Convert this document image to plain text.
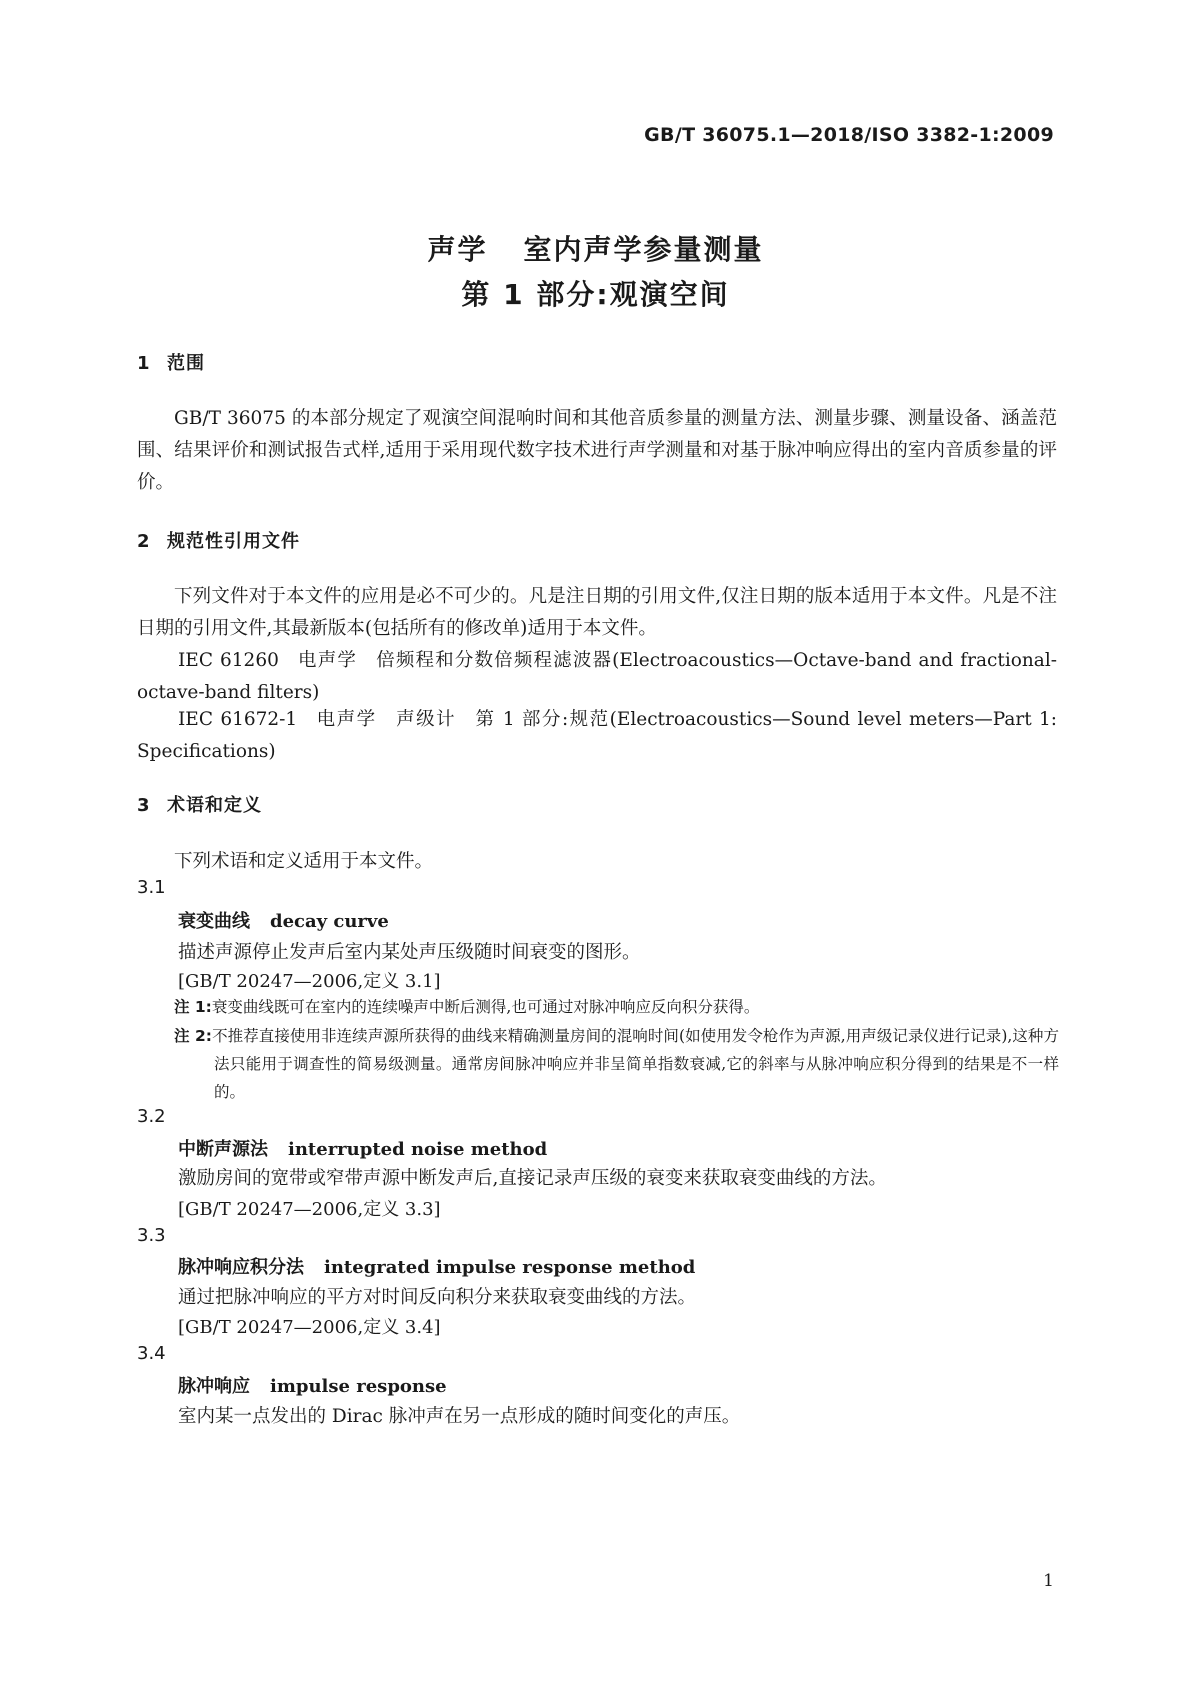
GB/T 36075.1—2018/ISO 3382-1:2009
声学 室内声学参量测量
第 1 部分:观演空间
1 范围
GB/T 36075 的本部分规定了观演空间混响时间和其他音质参量的测量方法、测量步骤、测量设备、涵盖范围、结果评价和测试报告式样,适用于采用现代数字技术进行声学测量和对基于脉冲响应得出的室内音质参量的评价。
2 规范性引用文件
下列文件对于本文件的应用是必不可少的。凡是注日期的引用文件,仅注日期的版本适用于本文件。凡是不注日期的引用文件,其最新版本(包括所有的修改单)适用于本文件。
IEC 61260 电声学 倍频程和分数倍频程滤波器(Electroacoustics—Octave-band and fractional-octave-band filters)
IEC 61672-1 电声学 声级计 第 1 部分:规范(Electroacoustics—Sound level meters—Part 1: Specifications)
3 术语和定义
下列术语和定义适用于本文件。
3.1
衰变曲线 decay curve
描述声源停止发声后室内某处声压级随时间衰变的图形。
[GB/T 20247—2006,定义 3.1]
注 1:衰变曲线既可在室内的连续噪声中断后测得,也可通过对脉冲响应反向积分获得。
注 2:不推荐直接使用非连续声源所获得的曲线来精确测量房间的混响时间(如使用发令枪作为声源,用声级记录仪进行记录),这种方法只能用于调查性的简易级测量。通常房间脉冲响应并非呈简单指数衰减,它的斜率与从脉冲响应积分得到的结果是不一样的。
3.2
中断声源法 interrupted noise method
激励房间的宽带或窄带声源中断发声后,直接记录声压级的衰变来获取衰变曲线的方法。
[GB/T 20247—2006,定义 3.3]
3.3
脉冲响应积分法 integrated impulse response method
通过把脉冲响应的平方对时间反向积分来获取衰变曲线的方法。
[GB/T 20247—2006,定义 3.4]
3.4
脉冲响应 impulse response
室内某一点发出的 Dirac 脉冲声在另一点形成的随时间变化的声压。
1
